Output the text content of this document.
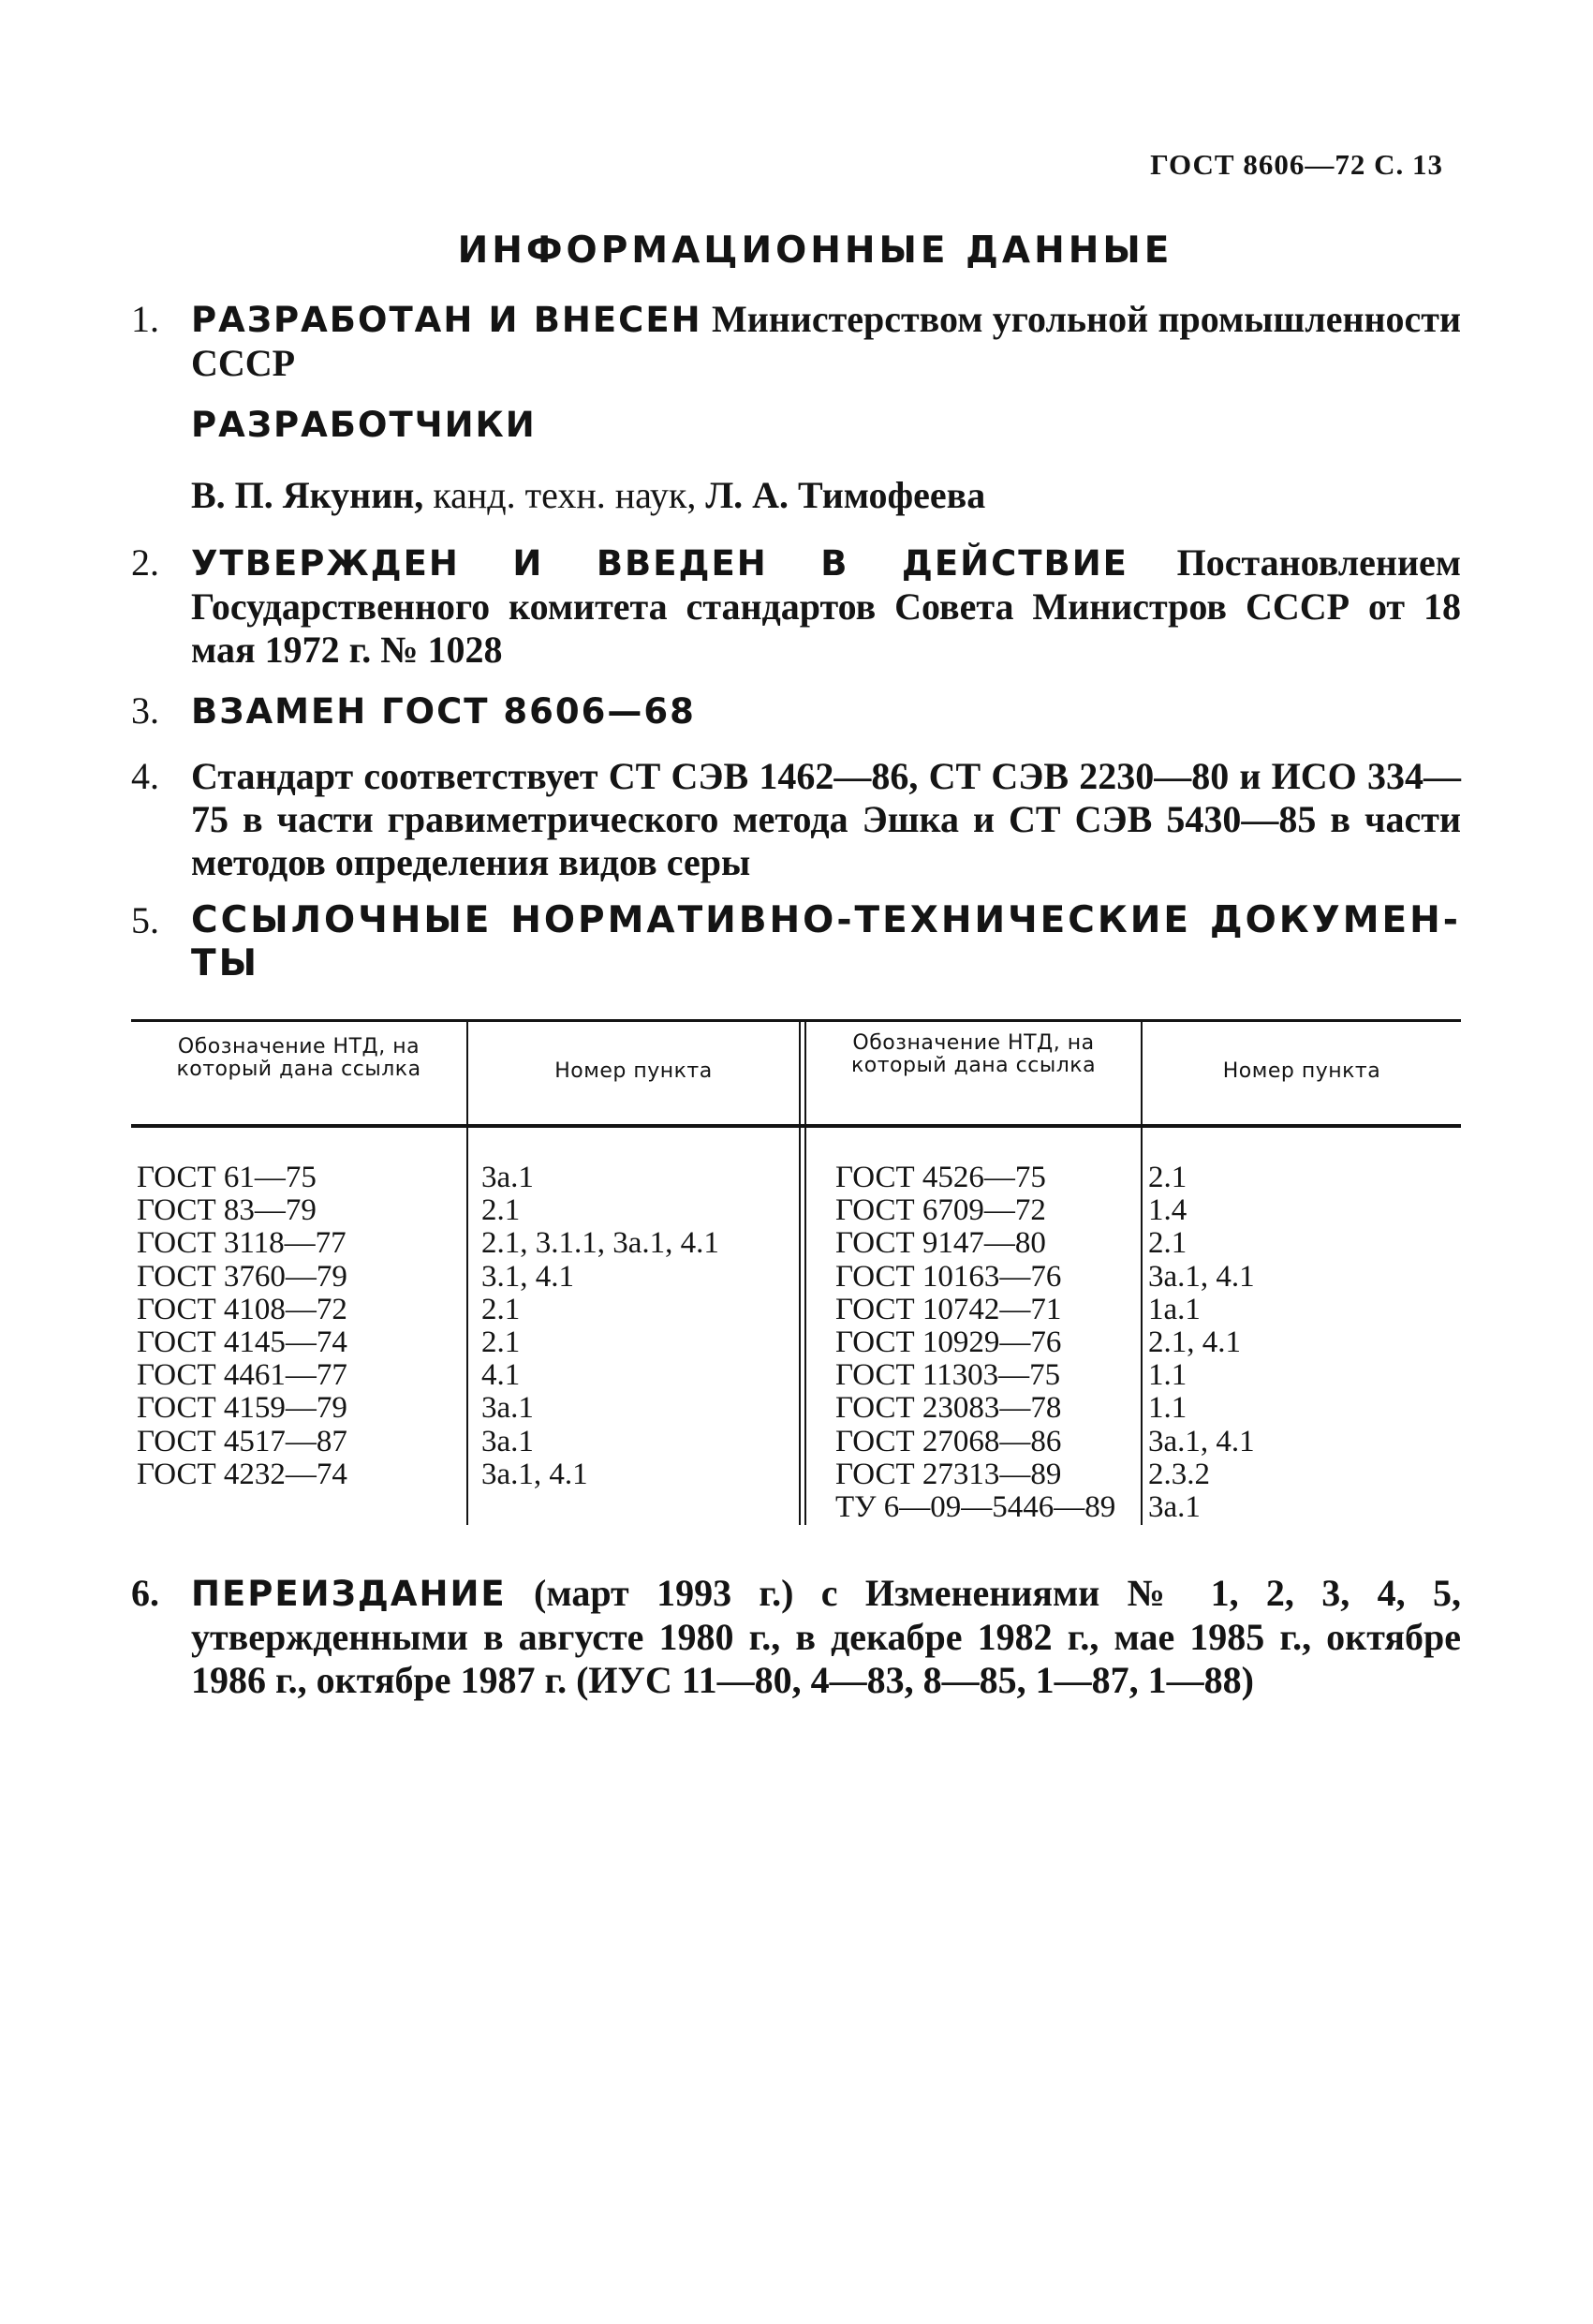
ГОСТ 8606—72 С. 13
ИНФОРМАЦИОННЫЕ ДАННЫЕ
1. РАЗРАБОТАН И ВНЕСЕН Министерством угольной промышленности СССР
РАЗРАБОТЧИКИ
В. П. Якунин, канд. техн. наук, Л. А. Тимофеева
2. УТВЕРЖДЕН И ВВЕДЕН В ДЕЙСТВИЕ Постановлением Государственного комитета стандартов Совета Министров СССР от 18 мая 1972 г. № 1028
3. ВЗАМЕН ГОСТ 8606—68
4. Стандарт соответствует СТ СЭВ 1462—86, СТ СЭВ 2230—80 и ИСО 334—75 в части гравиметрического метода Эшка и СТ СЭВ 5430—85 в части методов определения видов серы
5. ССЫЛОЧНЫЕ НОРМАТИВНО-ТЕХНИЧЕСКИЕ ДОКУМЕН-
ТЫ
Обозначение НТД, на который дана ссылка	Номер пункта
Обозначение НТД, на который дана ссылка	Номер пункта
ГОСТ 61—75
ГОСТ 83—79
ГОСТ 3118—77
ГОСТ 3760—79
ГОСТ 4108—72
ГОСТ 4145—74
ГОСТ 4461—77
ГОСТ 4159—79
ГОСТ 4517—87
ГОСТ 4232—74
3а.1
2.1
2.1, 3.1.1, 3а.1, 4.1
3.1, 4.1
2.1
2.1
4.1
3а.1
3а.1
3а.1, 4.1
ГОСТ 4526—75
ГОСТ 6709—72
ГОСТ 9147—80
ГОСТ 10163—76
ГОСТ 10742—71
ГОСТ 10929—76
ГОСТ 11303—75
ГОСТ 23083—78
ГОСТ 27068—86
ГОСТ 27313—89
ТУ 6—09—5446—89
2.1
1.4
2.1
3а.1, 4.1
1а.1
2.1, 4.1
1.1
1.1
3а.1, 4.1
2.3.2
3а.1
6. ПЕРЕИЗДАНИЕ (март 1993 г.) с Изменениями № 1, 2, 3, 4, 5, утвержденными в августе 1980 г., в декабре 1982 г., мае 1985 г., октябре 1986 г., октябре 1987 г. (ИУС 11—80, 4—83, 8—85, 1—87, 1—88)
